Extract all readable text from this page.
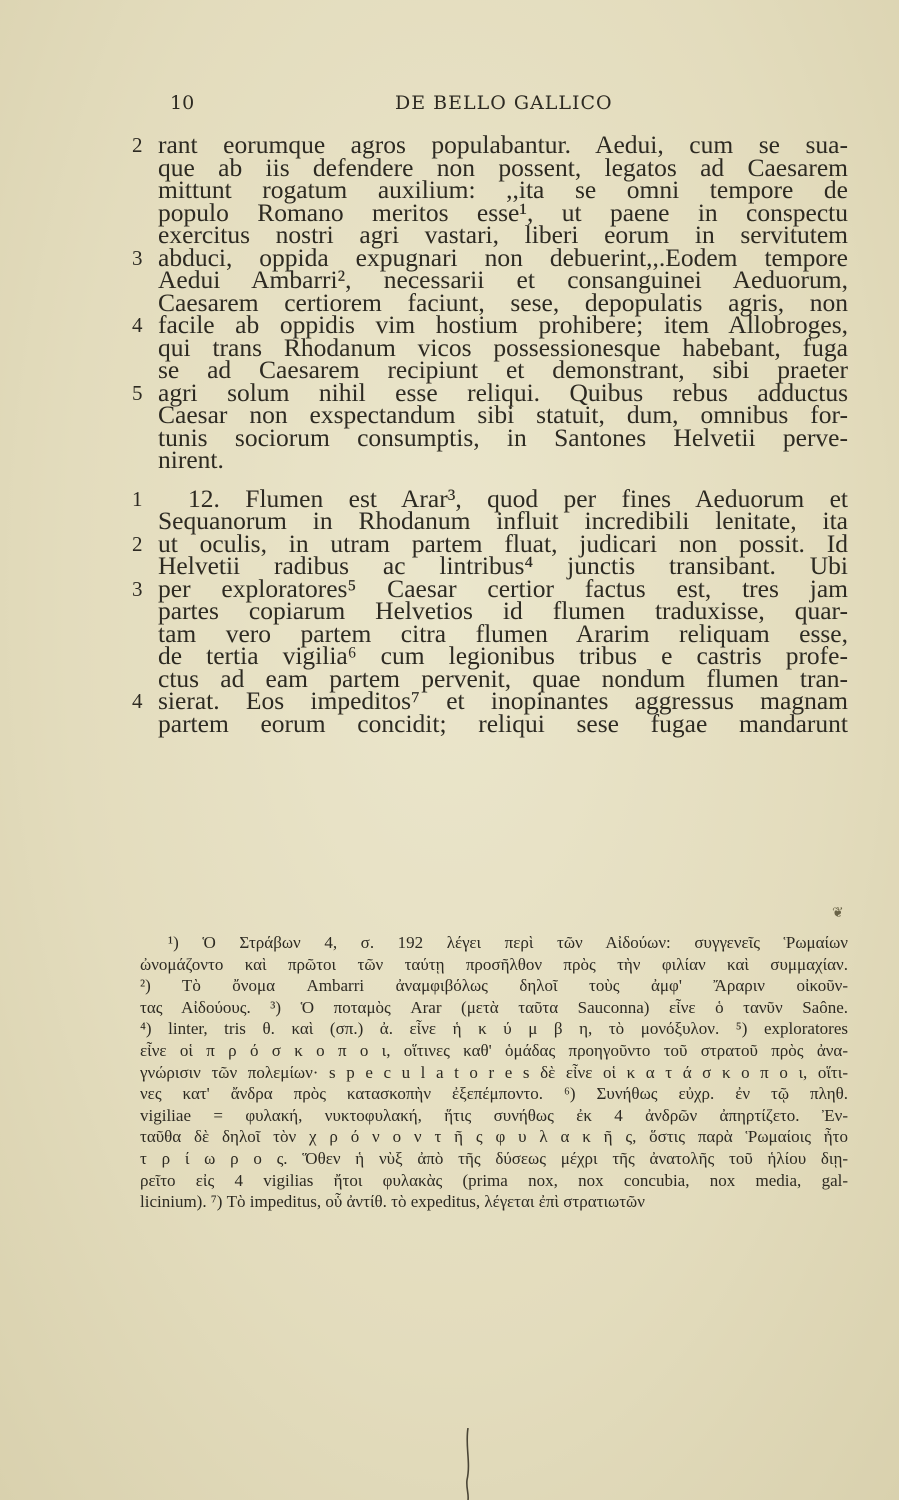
10	DE BELLO GALLICO
2 rant eorumque agros populabantur. Aedui, cum se sua-
que ab iis defendere non possent, legatos ad Caesarem
mittunt rogatum auxilium: ,,ita se omni tempore de
populo Romano meritos esse¹, ut paene in conspectu
exercitus nostri agri vastari, liberi eorum in servitutem
3 abduci, oppida expugnari non debuerint,,.Eodem tempore
Aedui Ambarri², necessarii et consanguinei Aeduorum,
Caesarem certiorem faciunt, sese, depopulatis agris, non
4 facile ab oppidis vim hostium prohibere; item Allobroges,
qui trans Rhodanum vicos possessionesque habebant, fuga
se ad Caesarem recipiunt et demonstrant, sibi praeter
5 agri solum nihil esse reliqui. Quibus rebus adductus
Caesar non exspectandum sibi statuit, dum, omnibus for-
tunis sociorum consumptis, in Santones Helvetii perve-
nirent.
1 12. Flumen est Arar³, quod per fines Aeduorum et
Sequanorum in Rhodanum influit incredibili lenitate, ita
2 ut oculis, in utram partem fluat, judicari non possit. Id
Helvetii radibus ac lintribus⁴ junctis transibant. Ubi
3 per exploratores⁵ Caesar certior factus est, tres jam
partes copiarum Helvetios id flumen traduxisse, quar-
tam vero partem citra flumen Ararim reliquam esse,
de tertia vigilia⁶ cum legionibus tribus e castris profe-
ctus ad eam partem pervenit, quae nondum flumen tran-
4 sierat. Eos impeditos⁷ et inopinantes aggressus magnam
partem eorum concidit; reliqui sese fugae mandarunt
❦
¹) Ὁ Στράβων 4, σ. 192 λέγει περὶ τῶν Αἰδούων: συγγενεῖς Ῥωμαίων
ὠνομάζοντο καὶ πρῶτοι τῶν ταύτῃ προσῆλθον πρὸς τὴν φιλίαν καὶ συμμαχίαν.
²) Τὸ ὄνομα Ambarri ἀναμφιβόλως δηλοῖ τοὺς ἀμφ' Ἄραριν οἰκοῦν-
τας Αἰδούους. ³) Ὁ ποταμὸς Arar (μετὰ ταῦτα Sauconna) εἶνε ὁ τανῦν Saône.
⁴) linter, tris θ. καὶ (σπ.) ἀ. εἶνε ἡ κ ύ μ β η, τὸ μονόξυλον. ⁵) exploratores
εἶνε οἱ π ρ ό σ κ ο π ο ι, οἵτινες καθ' ὁμάδας προηγοῦντο τοῦ στρατοῦ πρὸς ἀνα-
γνώρισιν τῶν πολεμίων· s p e c u l a t o r e s δὲ εἶνε οἱ κ α τ ά σ κ ο π ο ι, οἵτι-
νες κατ' ἄνδρα πρὸς κατασκοπὴν ἐξεπέμποντο. ⁶) Συνήθως εὐχρ. ἐν τῷ πληθ.
vigiliae = φυλακή, νυκτοφυλακή, ἥτις συνήθως ἐκ 4 ἀνδρῶν ἀπηρτίζετο. Ἐν-
ταῦθα δὲ δηλοῖ τὸν χ ρ ό ν ο ν τ ῆ ς φ υ λ α κ ῆ ς, ὅστις παρὰ Ῥωμαίοις ἦτο
τ ρ ί ω ρ ο ς. Ὅθεν ἡ νὺξ ἀπὸ τῆς δύσεως μέχρι τῆς ἀνατολῆς τοῦ ἡλίου διῃ-
ρεῖτο εἰς 4 vigilias ἤτοι φυλακὰς (prima nox, nox concubia, nox media, gal-
licinium). ⁷) Τὸ impeditus, οὗ ἀντίθ. τὸ expeditus, λέγεται ἐπὶ στρατιωτῶν
